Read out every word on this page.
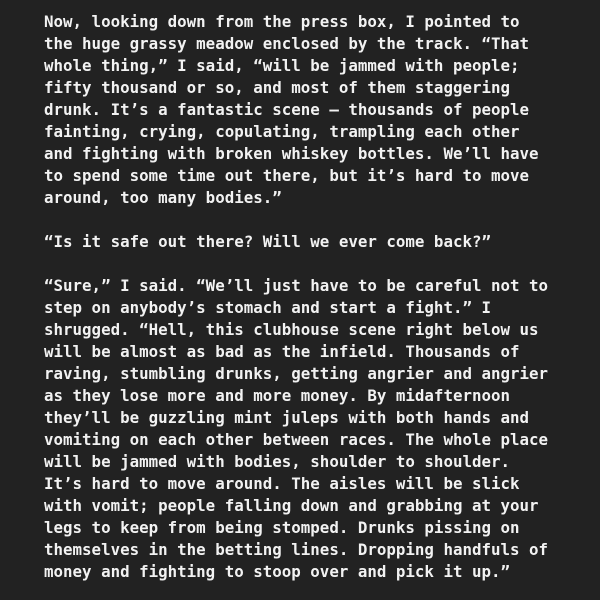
Now, looking down from the press box, I pointed to

the huge grassy meadow enclosed by the track. “That

whole thing,” I said, “will be jammed with people;

fifty thousand or so, and most of them staggering

drunk. It’s a fantastic scene — thousands of people

fainting, crying, copulating, trampling each other

and fighting with broken whiskey bottles. We’ll have

to spend some time out there, but it’s hard to move

around, too many bodies.”

“Is it safe out there? Will we ever come back?”

“Sure,” I said. “We’ll just have to be careful not to

step on anybody’s stomach and start a fight.” I

shrugged. “Hell, this clubhouse scene right below us

will be almost as bad as the infield. Thousands of

raving, stumbling drunks, getting angrier and angrier

as they lose more and more money. By midafternoon

they’ll be guzzling mint juleps with both hands and

vomiting on each other between races. The whole place

will be jammed with bodies, shoulder to shoulder.

It’s hard to move around. The aisles will be slick

with vomit; people falling down and grabbing at your

legs to keep from being stomped. Drunks pissing on

themselves in the betting lines. Dropping handfuls of

money and fighting to stoop over and pick it up.”
